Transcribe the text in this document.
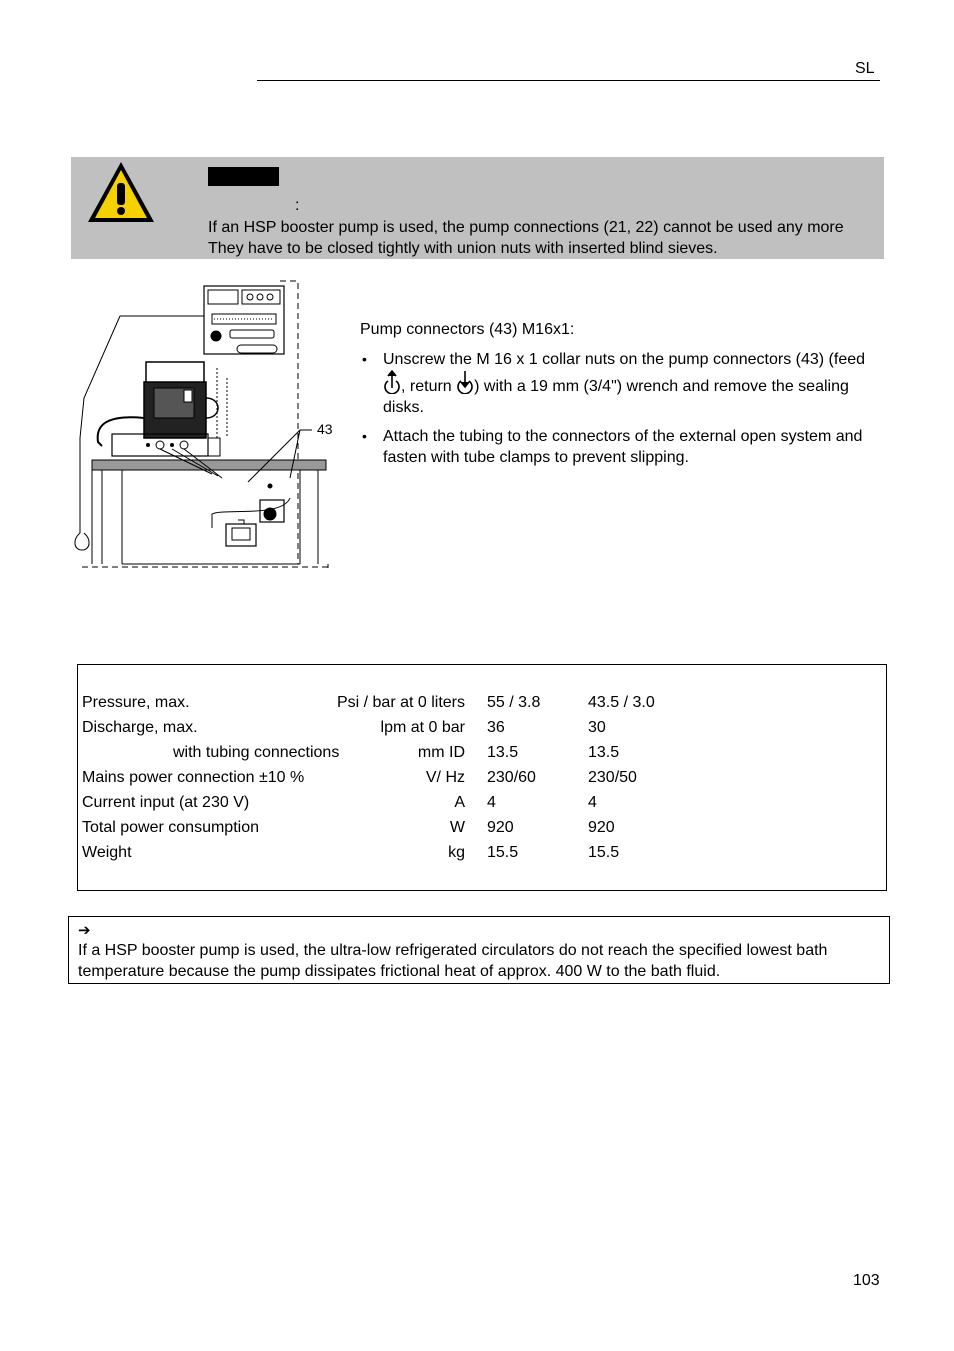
SL
:
If an HSP booster pump is used, the pump connections (21, 22) cannot be used any more They have to be closed tightly with union nuts with inserted blind sieves.
43
Pump connectors (43) M16x1:
• Unscrew the M 16 x 1 collar nuts on the pump connectors (43) (feed , return ) with a 19 mm (3/4") wrench and remove the sealing disks.
• Attach the tubing to the connectors of the external open system and fasten with tube clamps to prevent slipping.
Pressure, max.	Psi / bar at 0 liters 55 / 3.8	43.5 / 3.0
Discharge, max.	lpm at 0 bar 36	30
with tubing connections	mm ID 13.5	13.5
Mains power connection ±10 %	V/ Hz 230/60	230/50
Current input (at 230 V)	A 4	4
Total power consumption	W 920	920
Weight	kg 15.5	15.5
➔
If a HSP booster pump is used, the ultra-low refrigerated circulators do not reach the specified lowest bath temperature because the pump dissipates frictional heat of approx. 400 W to the bath fluid.
103
